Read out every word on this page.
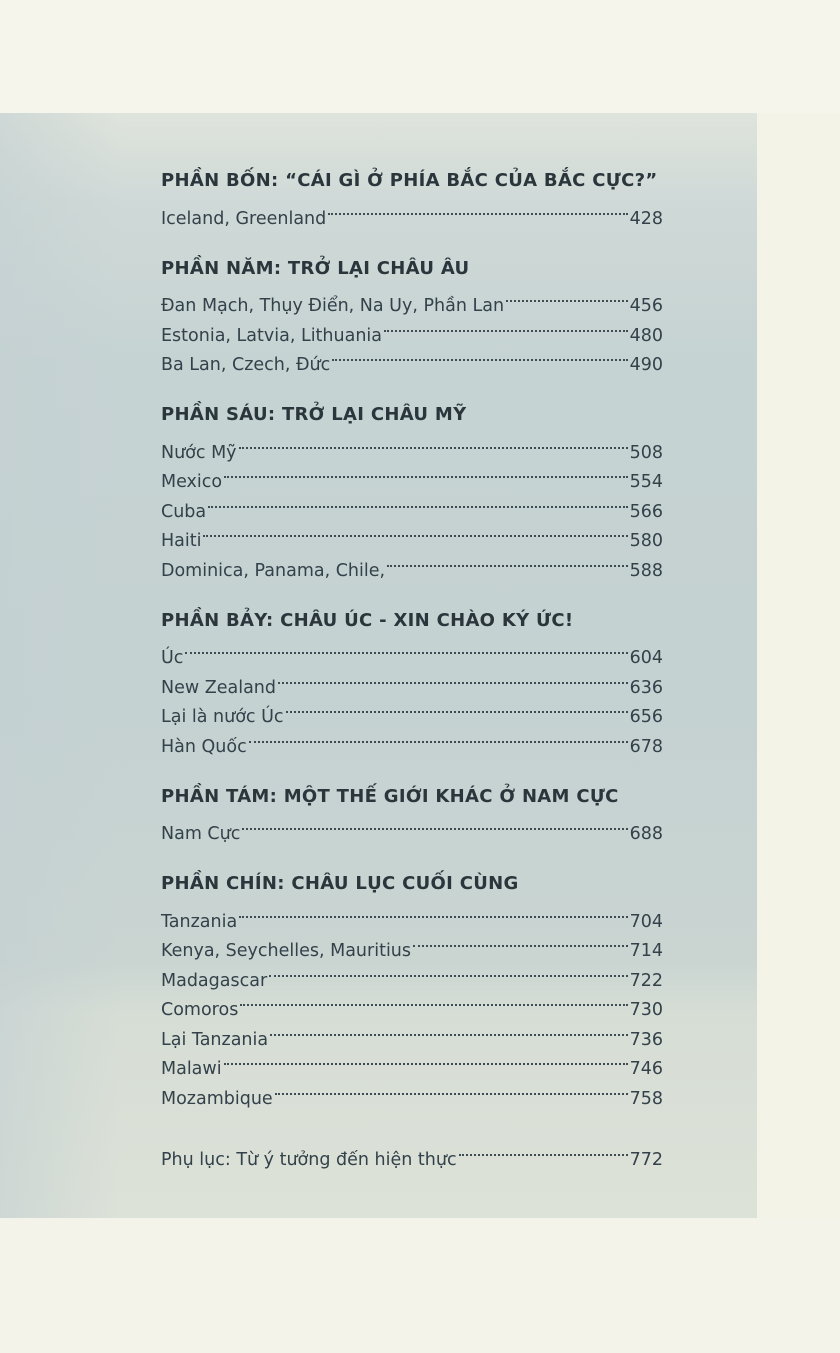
PHẦN BỐN: “CÁI GÌ Ở PHÍA BẮC CỦA BẮC CỰC?”
Iceland, Greenland	428
PHẦN NĂM: TRỞ LẠI CHÂU ÂU
Đan Mạch, Thụy Điển, Na Uy, Phần Lan	456
Estonia, Latvia, Lithuania	480
Ba Lan, Czech, Đức	490
PHẦN SÁU: TRỞ LẠI CHÂU MỸ
Nước Mỹ	508
Mexico	554
Cuba	566
Haiti	580
Dominica, Panama, Chile,	588
PHẦN BẢY: CHÂU ÚC - XIN CHÀO KÝ ỨC!
Úc	604
New Zealand	636
Lại là nước Úc	656
Hàn Quốc	678
PHẦN TÁM: MỘT THẾ GIỚI KHÁC Ở NAM CỰC
Nam Cực	688
PHẦN CHÍN: CHÂU LỤC CUỐI CÙNG
Tanzania	704
Kenya, Seychelles, Mauritius	714
Madagascar	722
Comoros	730
Lại Tanzania	736
Malawi	746
Mozambique	758
Phụ lục: Từ ý tưởng đến hiện thực	772
